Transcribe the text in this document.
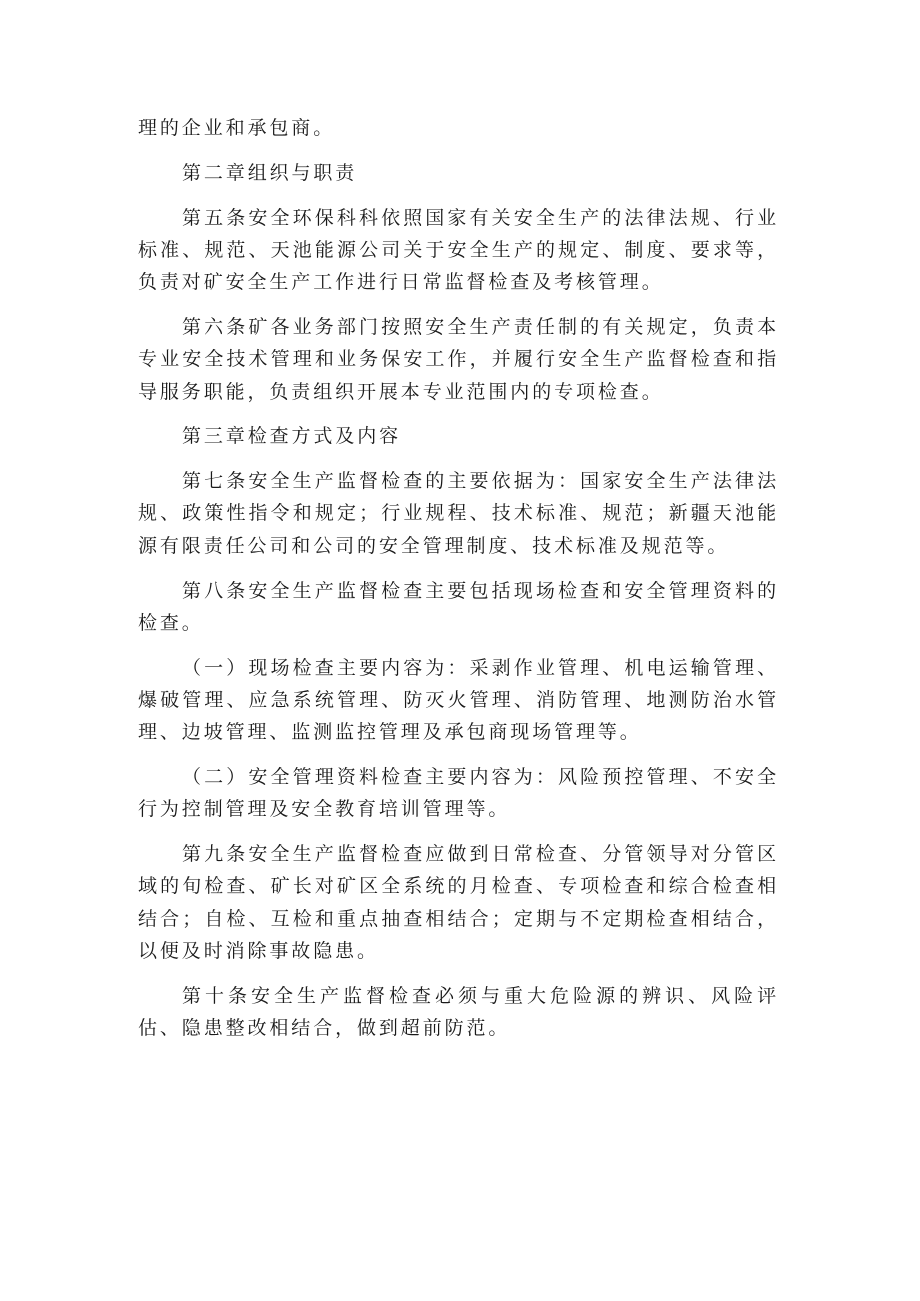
理的企业和承包商。

第二章组织与职责

第五条安全环保科科依照国家有关安全生产的法律法规、行业标准、规范、天池能源公司关于安全生产的规定、制度、要求等，负责对矿安全生产工作进行日常监督检查及考核管理。

第六条矿各业务部门按照安全生产责任制的有关规定，负责本专业安全技术管理和业务保安工作，并履行安全生产监督检查和指导服务职能，负责组织开展本专业范围内的专项检查。

第三章检查方式及内容

第七条安全生产监督检查的主要依据为：国家安全生产法律法规、政策性指令和规定；行业规程、技术标准、规范；新疆天池能源有限责任公司和公司的安全管理制度、技术标准及规范等。

第八条安全生产监督检查主要包括现场检查和安全管理资料的检查。

（一）现场检查主要内容为：采剥作业管理、机电运输管理、爆破管理、应急系统管理、防灭火管理、消防管理、地测防治水管理、边坡管理、监测监控管理及承包商现场管理等。

（二）安全管理资料检查主要内容为：风险预控管理、不安全行为控制管理及安全教育培训管理等。

第九条安全生产监督检查应做到日常检查、分管领导对分管区域的旬检查、矿长对矿区全系统的月检查、专项检查和综合检查相结合；自检、互检和重点抽查相结合；定期与不定期检查相结合，以便及时消除事故隐患。

第十条安全生产监督检查必须与重大危险源的辨识、风险评估、隐患整改相结合，做到超前防范。
